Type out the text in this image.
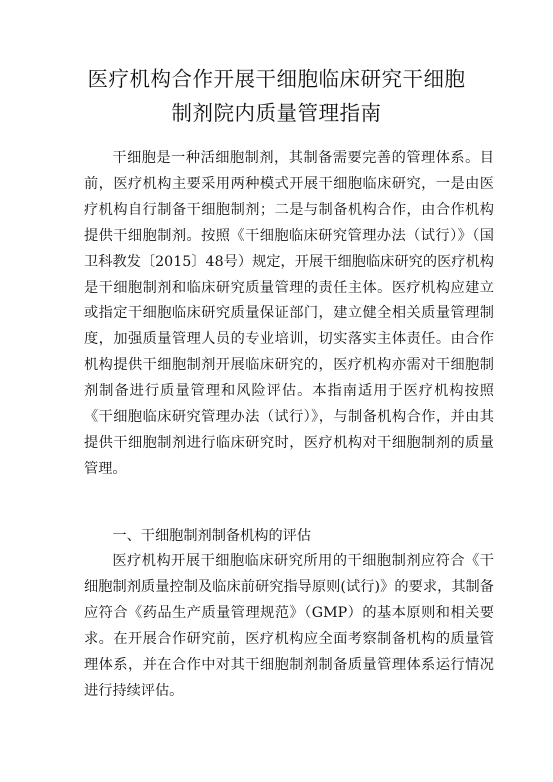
医疗机构合作开展干细胞临床研究干细胞
制剂院内质量管理指南

干细胞是一种活细胞制剂，其制备需要完善的管理体系。目前，医疗机构主要采用两种模式开展干细胞临床研究，一是由医疗机构自行制备干细胞制剂；二是与制备机构合作，由合作机构提供干细胞制剂。按照《干细胞临床研究管理办法（试行）》（国卫科教发〔2015〕48号）规定，开展干细胞临床研究的医疗机构是干细胞制剂和临床研究质量管理的责任主体。医疗机构应建立或指定干细胞临床研究质量保证部门，建立健全相关质量管理制度，加强质量管理人员的专业培训，切实落实主体责任。由合作机构提供干细胞制剂开展临床研究的，医疗机构亦需对干细胞制剂制备进行质量管理和风险评估。本指南适用于医疗机构按照《干细胞临床研究管理办法（试行）》，与制备机构合作，并由其提供干细胞制剂进行临床研究时，医疗机构对干细胞制剂的质量管理。

一、干细胞制剂制备机构的评估

医疗机构开展干细胞临床研究所用的干细胞制剂应符合《干细胞制剂质量控制及临床前研究指导原则(试行)》的要求，其制备应符合《药品生产质量管理规范》（GMP）的基本原则和相关要求。在开展合作研究前，医疗机构应全面考察制备机构的质量管理体系，并在合作中对其干细胞制剂制备质量管理体系运行情况进行持续评估。
